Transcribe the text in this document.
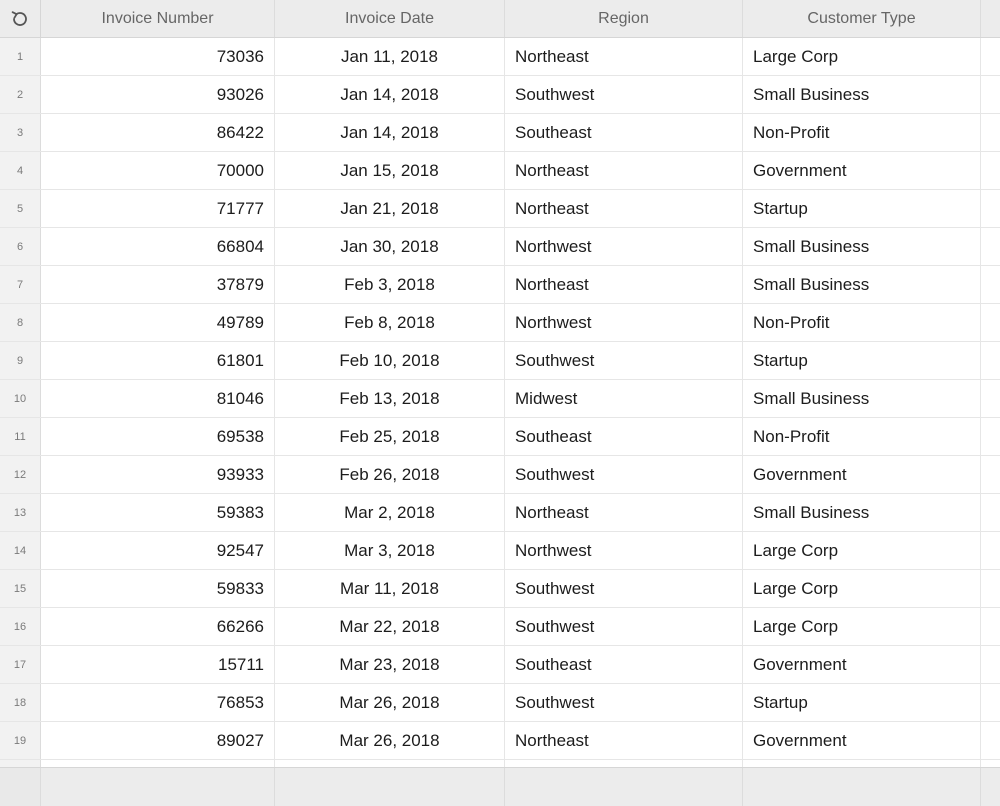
Invoice Number	Invoice Date	Region	Customer Type
1	73036	Jan 11, 2018	Northeast	Large Corp
2	93026	Jan 14, 2018	Southwest	Small Business
3	86422	Jan 14, 2018	Southeast	Non-Profit
4	70000	Jan 15, 2018	Northeast	Government
5	71777	Jan 21, 2018	Northeast	Startup
6	66804	Jan 30, 2018	Northwest	Small Business
7	37879	Feb 3, 2018	Northeast	Small Business
8	49789	Feb 8, 2018	Northwest	Non-Profit
9	61801	Feb 10, 2018	Southwest	Startup
10	81046	Feb 13, 2018	Midwest	Small Business
11	69538	Feb 25, 2018	Southeast	Non-Profit
12	93933	Feb 26, 2018	Southwest	Government
13	59383	Mar 2, 2018	Northeast	Small Business
14	92547	Mar 3, 2018	Northwest	Large Corp
15	59833	Mar 11, 2018	Southwest	Large Corp
16	66266	Mar 22, 2018	Southwest	Large Corp
17	15711	Mar 23, 2018	Southeast	Government
18	76853	Mar 26, 2018	Southwest	Startup
19	89027	Mar 26, 2018	Northeast	Government
